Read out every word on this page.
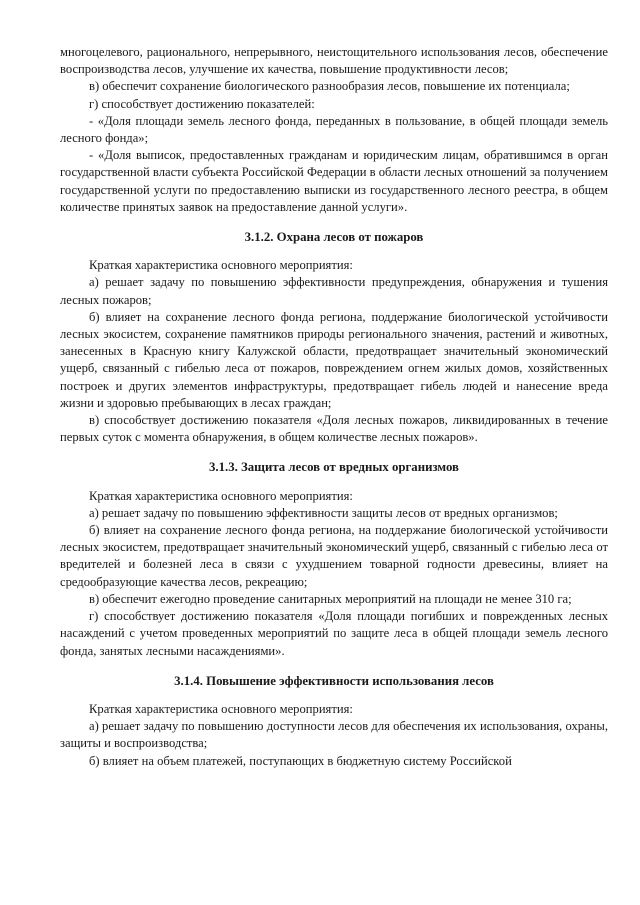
многоцелевого, рационального, непрерывного, неистощительного использования лесов, обеспечение воспроизводства лесов, улучшение их качества, повышение продуктивности лесов;

в) обеспечит сохранение биологического разнообразия лесов, повышение их потенциала;

г) способствует достижению показателей:

- «Доля площади земель лесного фонда, переданных в пользование, в общей площади земель лесного фонда»;

- «Доля выписок, предоставленных гражданам и юридическим лицам, обратившимся в орган государственной власти субъекта Российской Федерации в области лесных отношений за получением государственной услуги по предоставлению выписки из государственного лесного реестра, в общем количестве принятых заявок на предоставление данной услуги».

3.1.2. Охрана лесов от пожаров

Краткая характеристика основного мероприятия:

а) решает задачу по повышению эффективности предупреждения, обнаружения и тушения лесных пожаров;

б) влияет на сохранение лесного фонда региона, поддержание биологической устойчивости лесных экосистем, сохранение памятников природы регионального значения, растений и животных, занесенных в Красную книгу Калужской области, предотвращает значительный экономический ущерб, связанный с гибелью леса от пожаров, повреждением огнем жилых домов, хозяйственных построек и других элементов инфраструктуры, предотвращает гибель людей и нанесение вреда жизни и здоровью пребывающих в лесах граждан;

в) способствует достижению показателя «Доля лесных пожаров, ликвидированных в течение первых суток с момента обнаружения, в общем количестве лесных пожаров».

3.1.3. Защита лесов от вредных организмов

Краткая характеристика основного мероприятия:

а) решает задачу по повышению эффективности защиты лесов от вредных организмов;

б) влияет на сохранение лесного фонда региона, на поддержание биологической устойчивости лесных экосистем, предотвращает значительный экономический ущерб, связанный с гибелью леса от вредителей и болезней леса в связи с ухудшением товарной годности древесины, влияет на средообразующие качества лесов, рекреацию;

в) обеспечит ежегодно проведение санитарных мероприятий на площади не менее 310 га;

г) способствует достижению показателя «Доля площади погибших и поврежденных лесных насаждений с учетом проведенных мероприятий по защите леса в общей площади земель лесного фонда, занятых лесными насаждениями».

3.1.4. Повышение эффективности использования лесов

Краткая характеристика основного мероприятия:

а) решает задачу по повышению доступности лесов для обеспечения их использования, охраны, защиты и воспроизводства;

б) влияет на объем платежей, поступающих в бюджетную систему Российской
